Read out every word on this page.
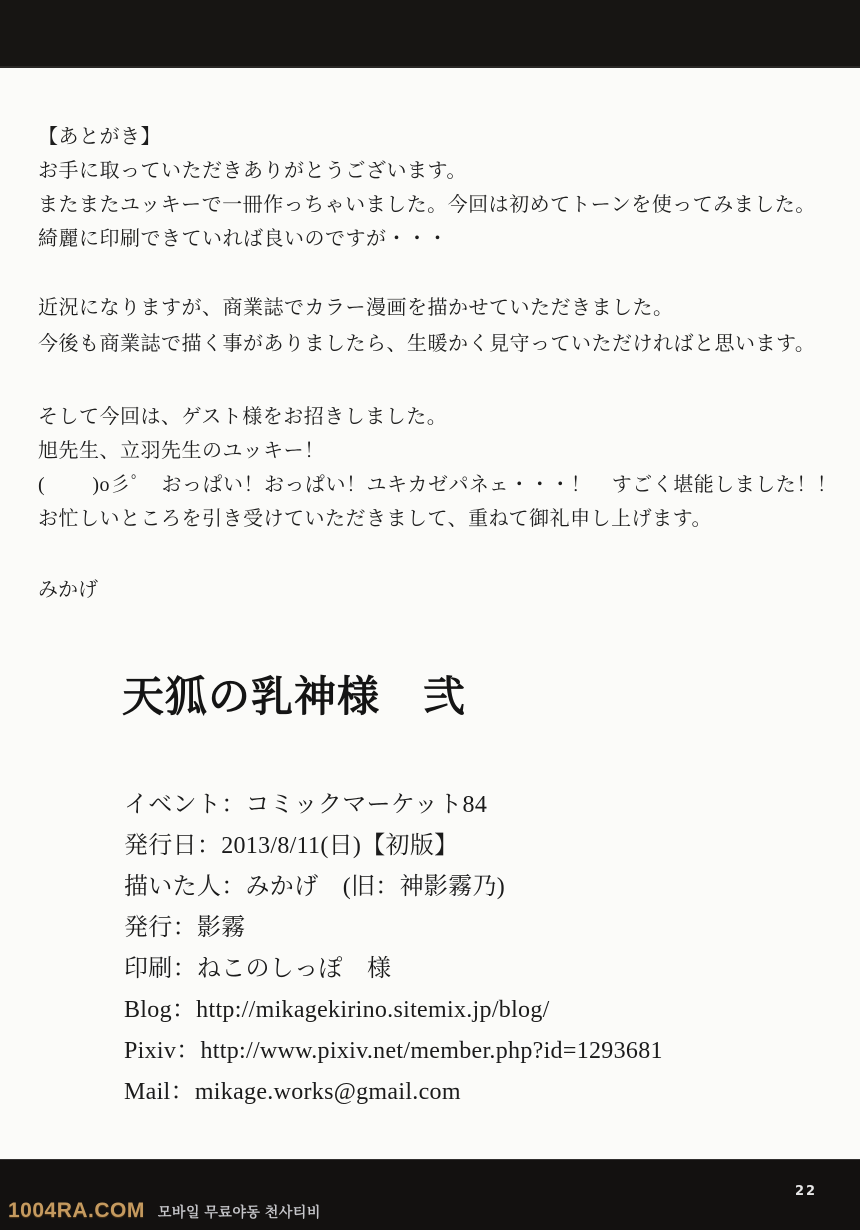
【あとがき】

お手に取っていただきありがとうございます。

またまたユッキーで一冊作っちゃいました。今回は初めてトーンを使ってみました。

綺麗に印刷できていれば良いのですが・・・

近況になりますが、商業誌でカラー漫画を描かせていただきました。

今後も商業誌で描く事がありましたら、生暖かく見守っていただければと思います。

そして今回は、ゲスト様をお招きしました。

旭先生、立羽先生のユッキー！

(ﾟ∀ﾟ)o彡ﾟ　おっぱい！おっぱい！ユキカゼパネェ・・・！　すごく堪能しました！！

お忙しいところを引き受けていただきまして、重ねて御礼申し上げます。

みかげ

天狐の乳神様　弐

イベント：コミックマーケット84

発行日：2013/8/11(日)【初版】

描いた人：みかげ　(旧：神影霧乃)

発行：影霧

印刷：ねこのしっぽ　様

Blog：http://mikagekirino.sitemix.jp/blog/

Pixiv：http://www.pixiv.net/member.php?id=1293681

Mail：mikage.works@gmail.com

22
1004RA.COM 모바일 무료야동 천사티비
